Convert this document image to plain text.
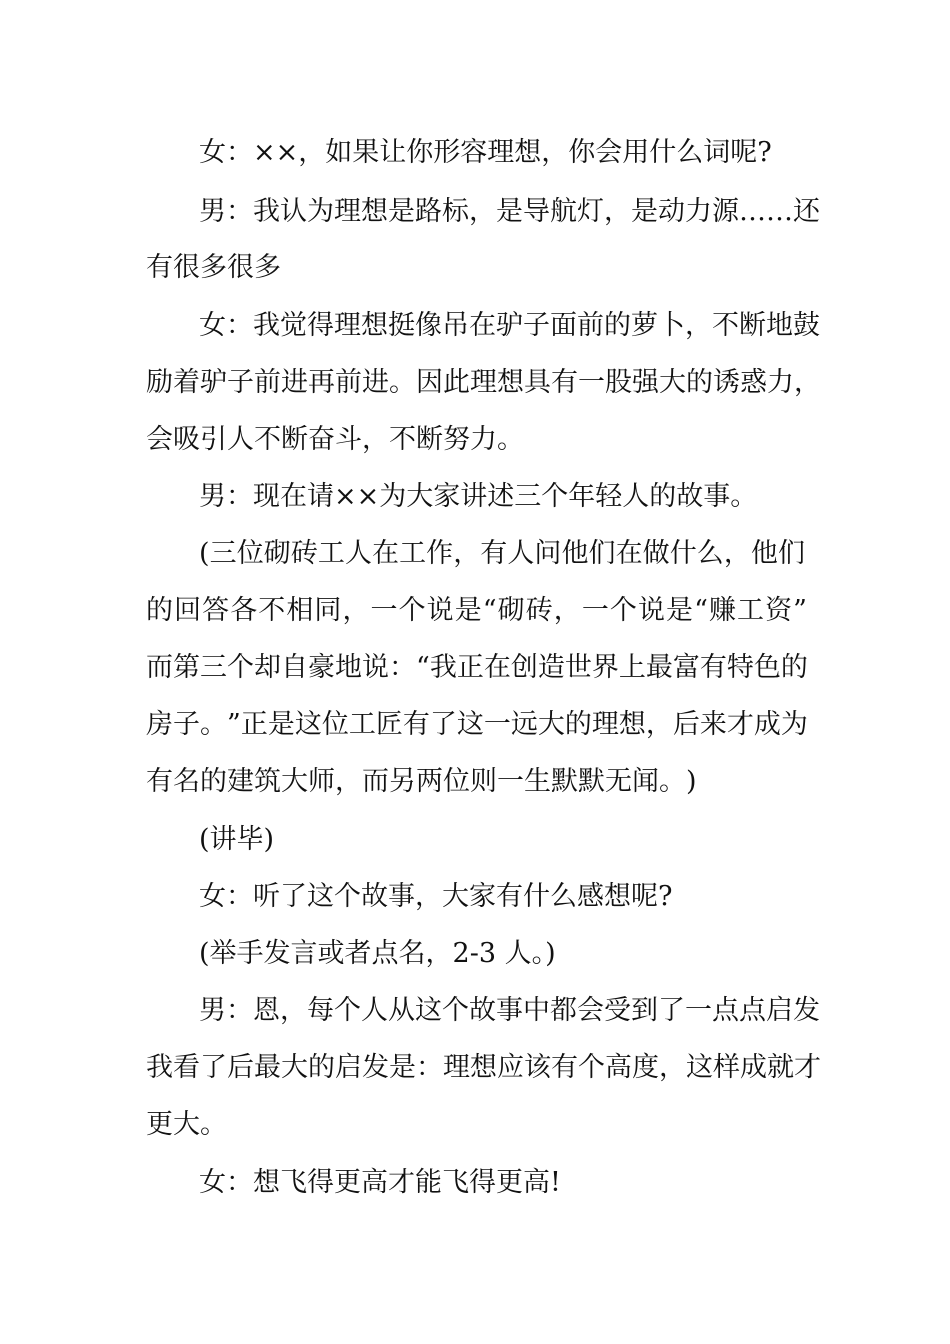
女 ： × × ， 如 果 让 你 形 容 理 想 ， 你 会 用 什 么 词 呢 ?
男 ： 我 认 为 理 想 是 路 标 ， 是 导 航 灯 ， 是 动 力 源 … … 还
有很多很多
女 ： 我 觉 得 理 想 挺 像 吊 在 驴 子 面 前 的 萝 卜 ， 不 断 地 鼓
励 着 驴 子 前 进 再 前 进 。 因 此 理 想 具 有 一 股 强 大 的 诱 惑 力 ，
会吸引人不断奋斗，不断努力。
男 ： 现 在 请 × × 为 大 家 讲 述 三 个 年 轻 人 的 故 事 。
( 三 位 砌 砖 工 人 在 工 作 ， 有 人 问 他 们 在 做 什 么 ， 他 们
的 回 答 各 不 相 同 ， 一 个 说 是 “ 砌 砖 ， 一 个 说 是 “ 赚 工 资 ”
而 第 三 个 却 自 豪 地 说 ： “ 我 正 在 创 造 世 界 上 最 富 有 特 色 的
房 子 。 ” 正 是 这 位 工 匠 有 了 这 一 远 大 的 理 想 ， 后 来 才 成 为
有 名 的 建 筑 大 师 ， 而 另 两 位 则 一 生 默 默 无 闻 。 )
(讲毕)
女 ： 听 了 这 个 故 事 ， 大 家 有 什 么 感 想 呢 ?
(举手发言或者点名，2-3 人。)
男 ： 恩 ， 每 个 人 从 这 个 故 事 中 都 会 受 到 了 一 点 点 启 发
我 看 了 后 最 大 的 启 发 是 ： 理 想 应 该 有 个 高 度 ， 这 样 成 就 才
更大。
女：想飞得更高才能飞得更高!
